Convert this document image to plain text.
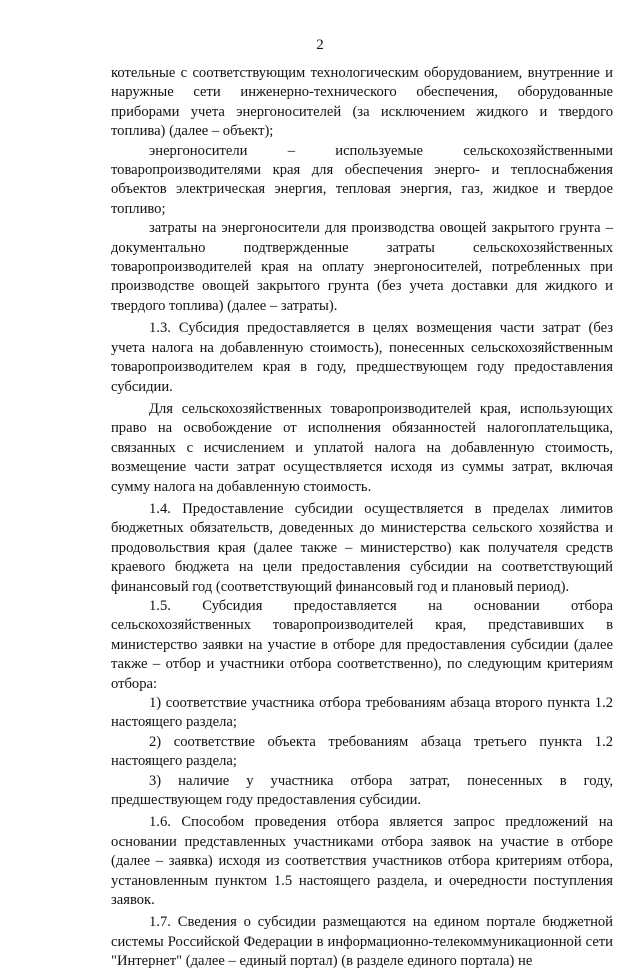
2

котельные с соответствующим технологическим оборудованием, внутренние и наружные сети инженерно-технического обеспечения, оборудованные приборами учета энергоносителей (за исключением жидкого и твердого топлива) (далее – объект);

энергоносители – используемые сельскохозяйственными товаропроизводителями края для обеспечения энерго- и теплоснабжения объектов электрическая энергия, тепловая энергия, газ, жидкое и твердое топливо;

затраты на энергоносители для производства овощей закрытого грунта – документально подтвержденные затраты сельскохозяйственных товаропроизводителей края на оплату энергоносителей, потребленных при производстве овощей закрытого грунта (без учета доставки для жидкого и твердого топлива) (далее – затраты).

1.3. Субсидия предоставляется в целях возмещения части затрат (без учета налога на добавленную стоимость), понесенных сельскохозяйственным товаропроизводителем края в году, предшествующем году предоставления субсидии.

Для сельскохозяйственных товаропроизводителей края, использующих право на освобождение от исполнения обязанностей налогоплательщика, связанных с исчислением и уплатой налога на добавленную стоимость, возмещение части затрат осуществляется исходя из суммы затрат, включая сумму налога на добавленную стоимость.

1.4. Предоставление субсидии осуществляется в пределах лимитов бюджетных обязательств, доведенных до министерства сельского хозяйства и продовольствия края (далее также – министерство) как получателя средств краевого бюджета на цели предоставления субсидии на соответствующий финансовый год (соответствующий финансовый год и плановый период).

1.5. Субсидия предоставляется на основании отбора сельскохозяйственных товаропроизводителей края, представивших в министерство заявки на участие в отборе для предоставления субсидии (далее также – отбор и участники отбора соответственно), по следующим критериям отбора:

1) соответствие участника отбора требованиям абзаца второго пункта 1.2 настоящего раздела;

2) соответствие объекта требованиям абзаца третьего пункта 1.2 настоящего раздела;

3) наличие у участника отбора затрат, понесенных в году, предшествующем году предоставления субсидии.

1.6. Способом проведения отбора является запрос предложений на основании представленных участниками отбора заявок на участие в отборе (далее – заявка) исходя из соответствия участников отбора критериям отбора, установленным пунктом 1.5 настоящего раздела, и очередности поступления заявок.

1.7. Сведения о субсидии размещаются на едином портале бюджетной системы Российской Федерации в информационно-телекоммуникационной сети "Интернет" (далее – единый портал) (в разделе единого портала) не
